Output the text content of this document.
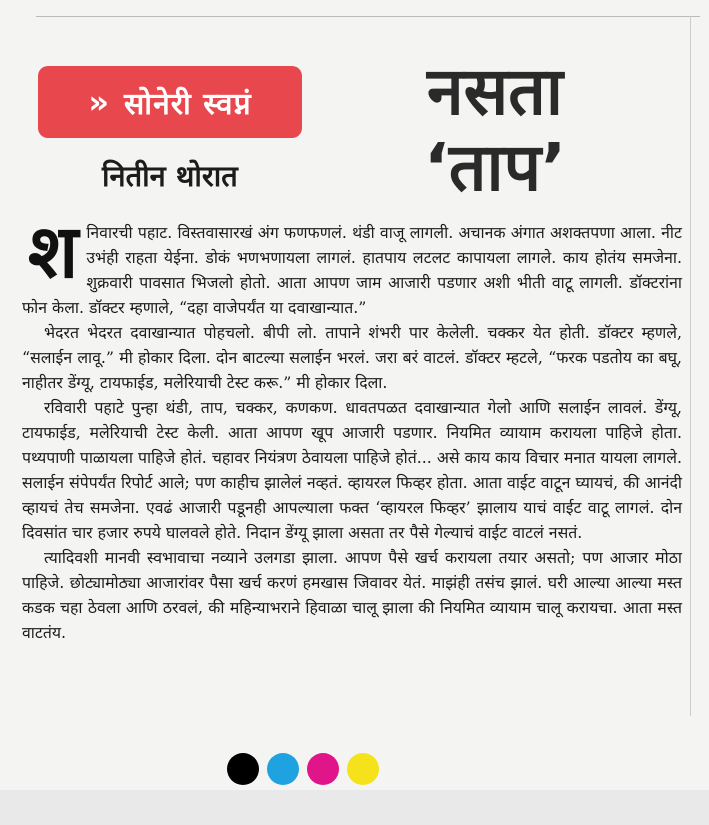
» सोनेरी स्वप्नं
नितीन थोरात
नसता
‘ताप’

श निवारची पहाट. विस्तवासारखं अंग फणफणलं. थंडी वाजू लागली. अचानक अंगात अशक्तपणा आला. नीट उभंही राहता येईना. डोकं भणभणायला लागलं. हातपाय लटलट कापायला लागले. काय होतंय समजेना. शुक्रवारी पावसात भिजलो होतो. आता आपण जाम आजारी पडणार अशी भीती वाटू लागली. डॉक्टरांना फोन केला. डॉक्टर म्हणाले, “दहा वाजेपर्यंत या दवाखान्यात.”

भेदरत भेदरत दवाखान्यात पोहचलो. बीपी लो. तापाने शंभरी पार केलेली. चक्कर येत होती. डॉक्टर म्हणले, “सलाईन लावू.” मी होकार दिला. दोन बाटल्या सलाईन भरलं. जरा बरं वाटलं. डॉक्टर म्हटले, “फरक पडतोय का बघू, नाहीतर डेंग्यू, टायफाईड, मलेरियाची टेस्ट करू.” मी होकार दिला.

रविवारी पहाटे पुन्हा थंडी, ताप, चक्कर, कणकण. धावतपळत दवाखान्यात गेलो आणि सलाईन लावलं. डेंग्यू, टायफाईड, मलेरियाची टेस्ट केली. आता आपण खूप आजारी पडणार. नियमित व्यायाम करायला पाहिजे होता. पथ्यपाणी पाळायला पाहिजे होतं. चहावर नियंत्रण ठेवायला पाहिजे होतं... असे काय काय विचार मनात यायला लागले. सलाईन संपेपर्यंत रिपोर्ट आले; पण काहीच झालेलं नव्हतं. व्हायरल फिव्हर होता. आता वाईट वाटून घ्यायचं, की आनंदी व्हायचं तेच समजेना. एवढं आजारी पडूनही आपल्याला फक्त ‘व्हायरल फिव्हर’ झालाय याचं वाईट वाटू लागलं. दोन दिवसांत चार हजार रुपये घालवले होते. निदान डेंग्यू झाला असता तर पैसे गेल्याचं वाईट वाटलं नसतं.

त्यादिवशी मानवी स्वभावाचा नव्याने उलगडा झाला. आपण पैसे खर्च करायला तयार असतो; पण आजार मोठा पाहिजे. छोट्यामोठ्या आजारांवर पैसा खर्च करणं हमखास जिवावर येतं. माझंही तसंच झालं. घरी आल्या आल्या मस्त कडक चहा ठेवला आणि ठरवलं, की महिन्याभराने हिवाळा चालू झाला की नियमित व्यायाम चालू करायचा. आता मस्त वाटतंय.
